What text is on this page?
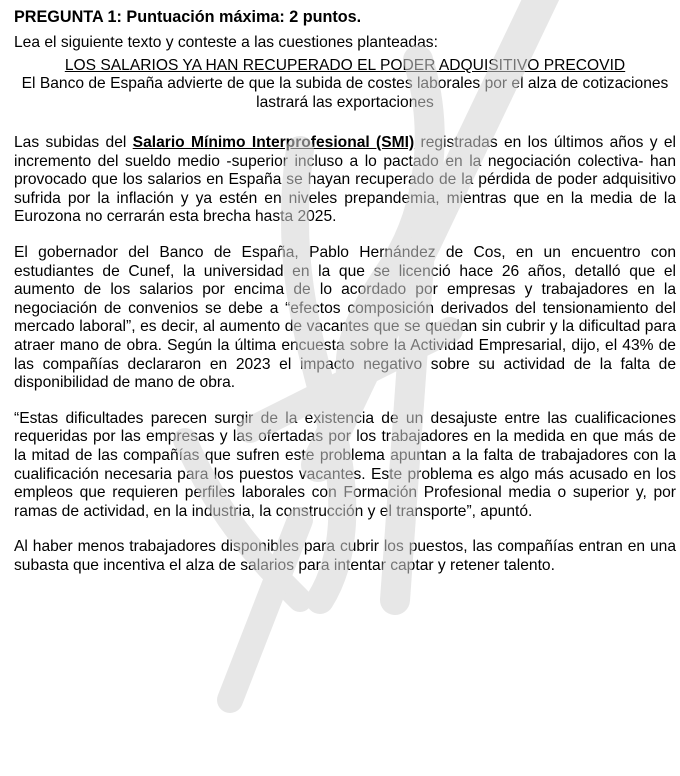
PREGUNTA 1: Puntuación máxima: 2 puntos.

Lea el siguiente texto y conteste a las cuestiones planteadas:

LOS SALARIOS YA HAN RECUPERADO EL PODER ADQUISITIVO PRECOVID

El Banco de España advierte de que la subida de costes laborales por el alza de cotizaciones lastrará las exportaciones

Las subidas del Salario Mínimo Interprofesional (SMI) registradas en los últimos años y el incremento del sueldo medio -superior incluso a lo pactado en la negociación colectiva- han provocado que los salarios en España se hayan recuperado de la pérdida de poder adquisitivo sufrida por la inflación y ya estén en niveles prepandemia, mientras que en la media de la Eurozona no cerrarán esta brecha hasta 2025.

El gobernador del Banco de España, Pablo Hernández de Cos, en un encuentro con estudiantes de Cunef, la universidad en la que se licenció hace 26 años, detalló que el aumento de los salarios por encima de lo acordado por empresas y trabajadores en la negociación de convenios se debe a “efectos composición derivados del tensionamiento del mercado laboral”, es decir, al aumento de vacantes que se quedan sin cubrir y la dificultad para atraer mano de obra. Según la última encuesta sobre la Actividad Empresarial, dijo, el 43% de las compañías declararon en 2023 el impacto negativo sobre su actividad de la falta de disponibilidad de mano de obra.

“Estas dificultades parecen surgir de la existencia de un desajuste entre las cualificaciones requeridas por las empresas y las ofertadas por los trabajadores en la medida en que más de la mitad de las compañías que sufren este problema apuntan a la falta de trabajadores con la cualificación necesaria para los puestos vacantes. Este problema es algo más acusado en los empleos que requieren perfiles laborales con Formación Profesional media o superior y, por ramas de actividad, en la industria, la construcción y el transporte”, apuntó.

Al haber menos trabajadores disponibles para cubrir los puestos, las compañías entran en una subasta que incentiva el alza de salarios para intentar captar y retener talento.
